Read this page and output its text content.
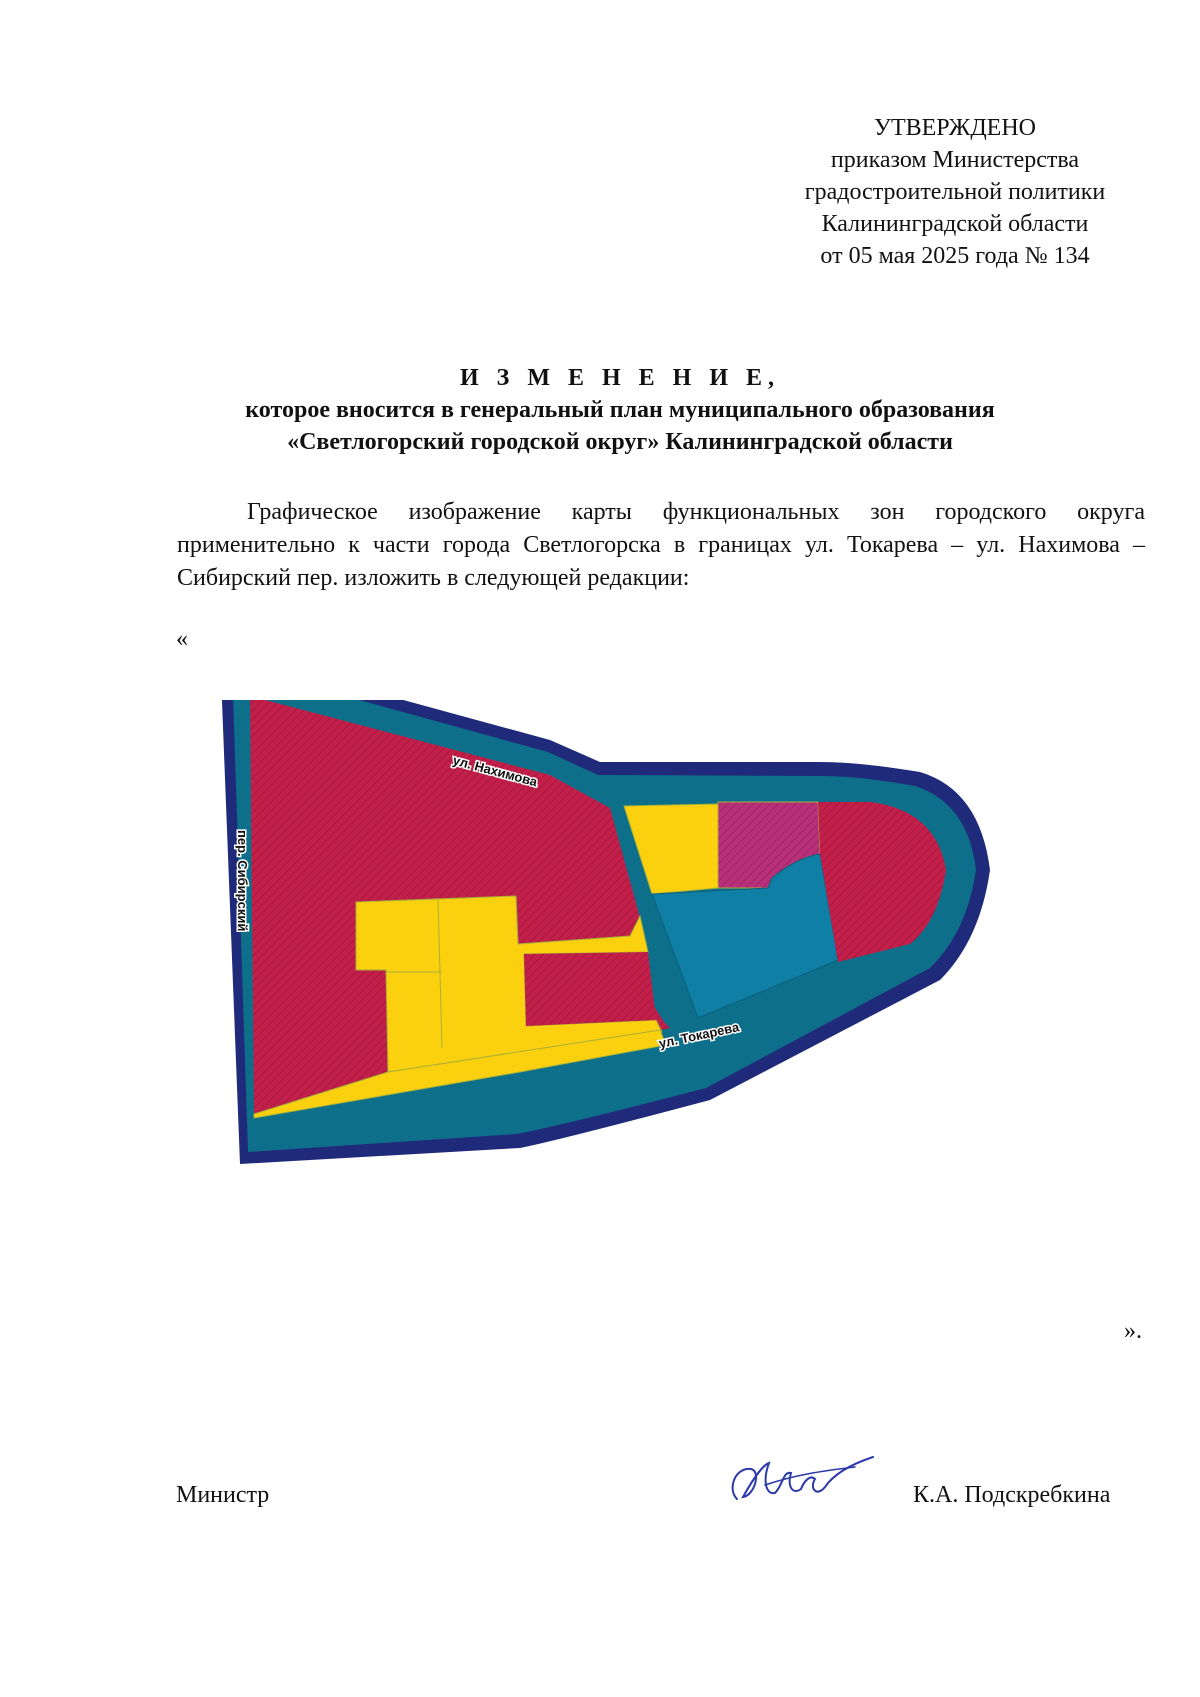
УТВЕРЖДЕНО
приказом Министерства
градостроительной политики
Калининградской области
от 05 мая 2025 года № 134
И З М Е Н Е Н И Е,
которое вносится в генеральный план муниципального образования
«Светлогорский городской округ» Калининградской области

Графическое изображение карты функциональных зон городского округа применительно к части города Светлогорска в границах ул. Токарева – ул. Нахимова – Сибирский пер. изложить в следующей редакции:

«
ул. Нахимова
ул. Токарева
пер. Сибирский
».
Министр	К.А. Подскребкина
